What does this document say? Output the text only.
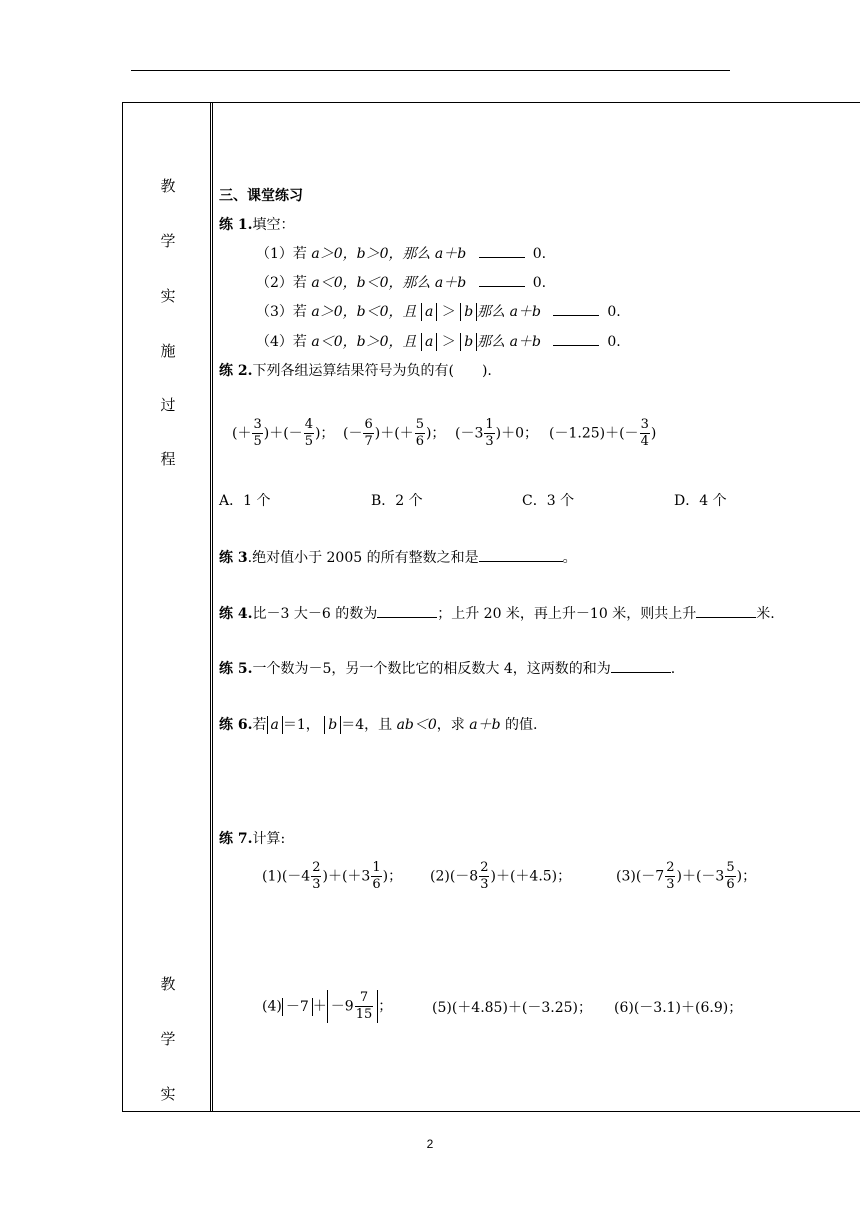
教
学
实
施
过
程
教
学
实
三、课堂练习
练 1.填空：
（1）若 a＞0，b＞0，那么 a＋b	0.
（2）若 a＜0，b＜0，那么 a＋b	0.
（3）若 a＞0，b＜0，且 a ＞ b 那么 a＋b	0.
（4）若 a＜0，b＞0，且 a ＞ b 那么 a＋b	0.
练 2.下列各组运算结果符号为负的有(　　).
(＋ $\frac{3}{5}$ )＋(－ $\frac{4}{5}$ )； (－ $\frac{6}{7}$ )＋(＋ $\frac{5}{6}$ )； $(-3 \frac{1}{3} )+0$； $(-1.25)+(- \frac{3}{4}$ )
A．1 个	B．2 个	C．3 个	D．4 个
练 3.绝对值小于 2005 的所有整数之和是	。
练 4.比－3 大－6 的数为	；上升 20 米，再上升－10 米，则共上升	米.
练 5.一个数为－5，另一个数比它的相反数大 4，这两数的和为	.
练 6.若 a ＝1， b ＝4，且 ab＜0，求 a＋b 的值.
练 7.计算:
$(1)(-4 \frac{2}{3} )+(+3 \frac{1}{6}$ )； $(2)(-8 \frac{2}{3} )+(+4.5)$；	$(3)(-7 \frac{2}{3} )+(-3 \frac{5}{6}$ )；
$(4) -7 + -9 \frac{7}{15}$ ；	(5)(＋4.85)＋(－3.25)； (6)(－3.1)＋(6.9)；
2
